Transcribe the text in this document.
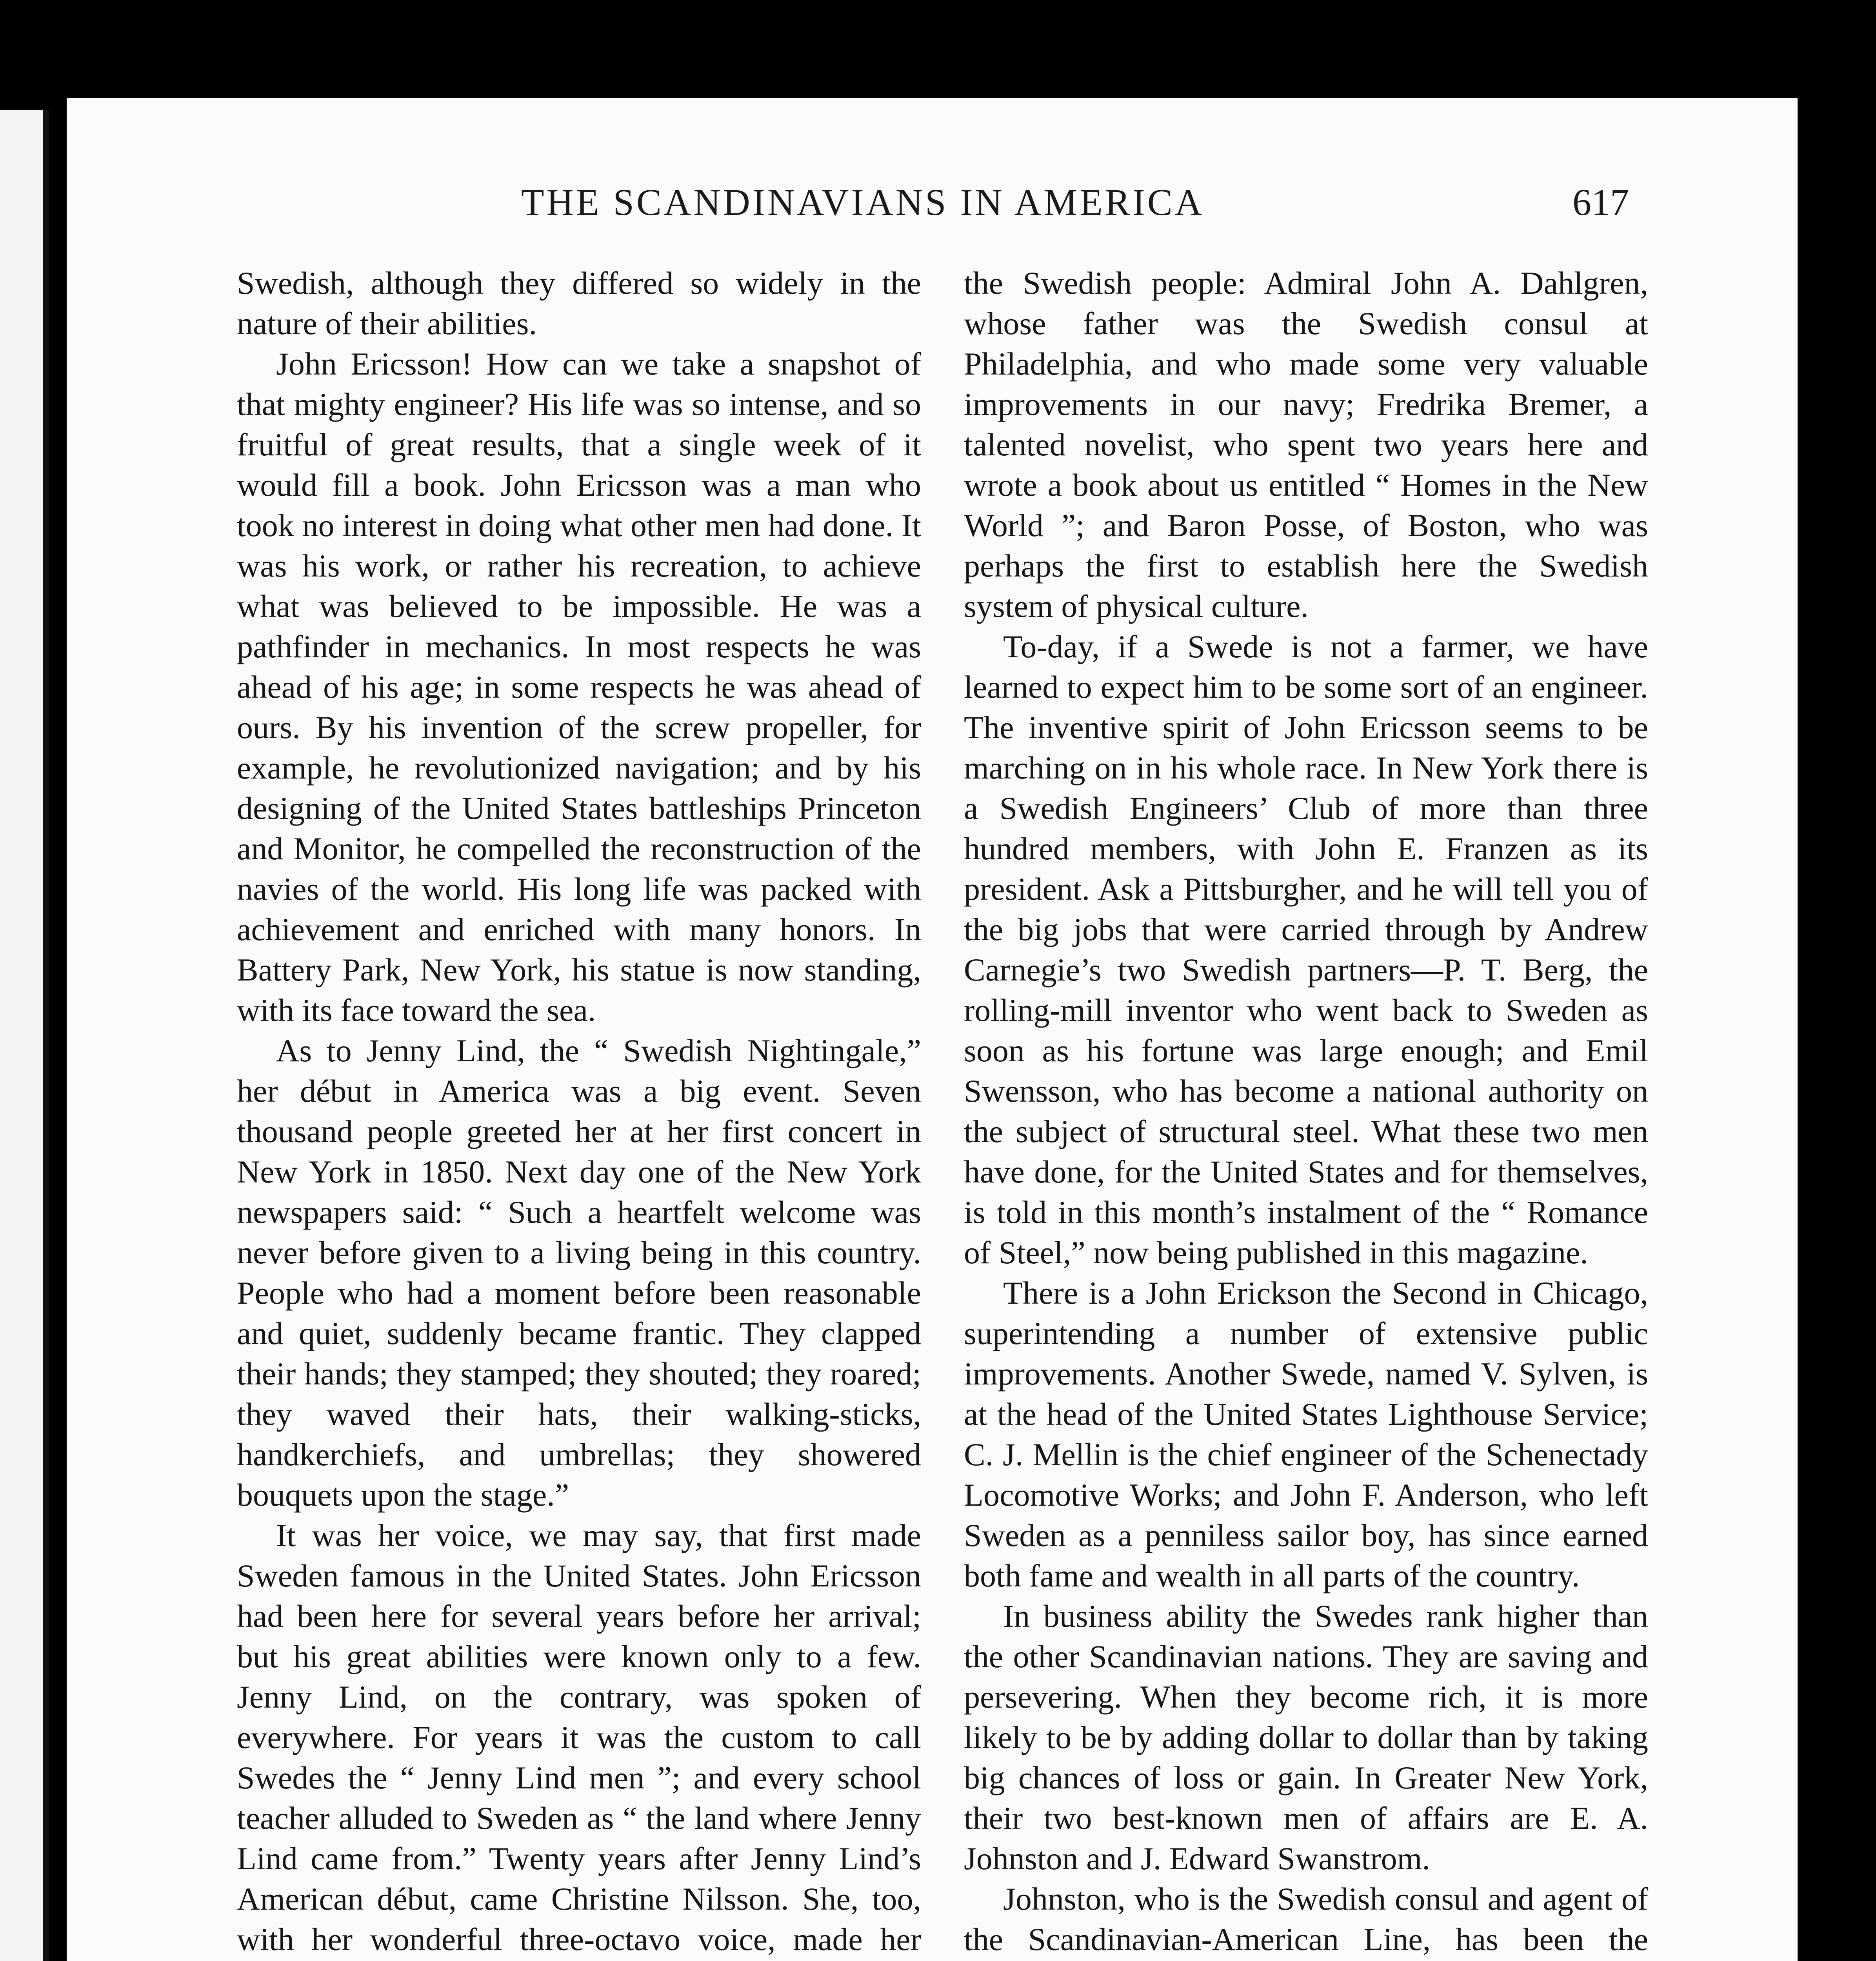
THE SCANDINAVIANS IN AMERICA	617

Swedish, although they differed so widely in the nature of their abilities.

John Ericsson! How can we take a snapshot of that mighty engineer? His life was so intense, and so fruitful of great results, that a single week of it would fill a book. John Ericsson was a man who took no interest in doing what other men had done. It was his work, or rather his recreation, to achieve what was believed to be impossible. He was a pathfinder in mechanics. In most respects he was ahead of his age; in some respects he was ahead of ours. By his invention of the screw propeller, for example, he revolutionized navigation; and by his designing of the United States battleships Princeton and Monitor, he compelled the reconstruction of the navies of the world. His long life was packed with achievement and enriched with many honors. In Battery Park, New York, his statue is now standing, with its face toward the sea.

As to Jenny Lind, the “ Swedish Nightingale,” her début in America was a big event. Seven thousand people greeted her at her first concert in New York in 1850. Next day one of the New York newspapers said: “ Such a heartfelt welcome was never before given to a living being in this country. People who had a moment before been reasonable and quiet, suddenly became frantic. They clapped their hands; they stamped; they shouted; they roared; they waved their hats, their walking-sticks, handkerchiefs, and umbrellas; they showered bouquets upon the stage.”

It was her voice, we may say, that first made Sweden famous in the United States. John Ericsson had been here for several years before her arrival; but his great abilities were known only to a few. Jenny Lind, on the contrary, was spoken of everywhere. For years it was the custom to call Swedes the “ Jenny Lind men ”; and every school teacher alluded to Sweden as “ the land where Jenny Lind came from.” Twenty years after Jenny Lind’s American début, came Christine Nilsson. She, too, with her wonderful three-octavo voice, made her

the Swedish people: Admiral John A. Dahlgren, whose father was the Swedish consul at Philadelphia, and who made some very valuable improvements in our navy; Fredrika Bremer, a talented novelist, who spent two years here and wrote a book about us entitled “ Homes in the New World ”; and Baron Posse, of Boston, who was perhaps the first to establish here the Swedish system of physical culture.

To-day, if a Swede is not a farmer, we have learned to expect him to be some sort of an engineer. The inventive spirit of John Ericsson seems to be marching on in his whole race. In New York there is a Swedish Engineers’ Club of more than three hundred members, with John E. Franzen as its president. Ask a Pittsburgher, and he will tell you of the big jobs that were carried through by Andrew Carnegie’s two Swedish partners—P. T. Berg, the rolling-mill inventor who went back to Sweden as soon as his fortune was large enough; and Emil Swensson, who has become a national authority on the subject of structural steel. What these two men have done, for the United States and for themselves, is told in this month’s instalment of the “ Romance of Steel,” now being published in this magazine.

There is a John Erickson the Second in Chicago, superintending a number of extensive public improvements. Another Swede, named V. Sylven, is at the head of the United States Lighthouse Service; C. J. Mellin is the chief engineer of the Schenectady Locomotive Works; and John F. Anderson, who left Sweden as a penniless sailor boy, has since earned both fame and wealth in all parts of the country.

In business ability the Swedes rank higher than the other Scandinavian nations. They are saving and persevering. When they become rich, it is more likely to be by adding dollar to dollar than by taking big chances of loss or gain. In Greater New York, their two best-known men of affairs are E. A. Johnston and J. Edward Swanstrom.

Johnston, who is the Swedish consul and agent of the Scandinavian-American Line, has been the
